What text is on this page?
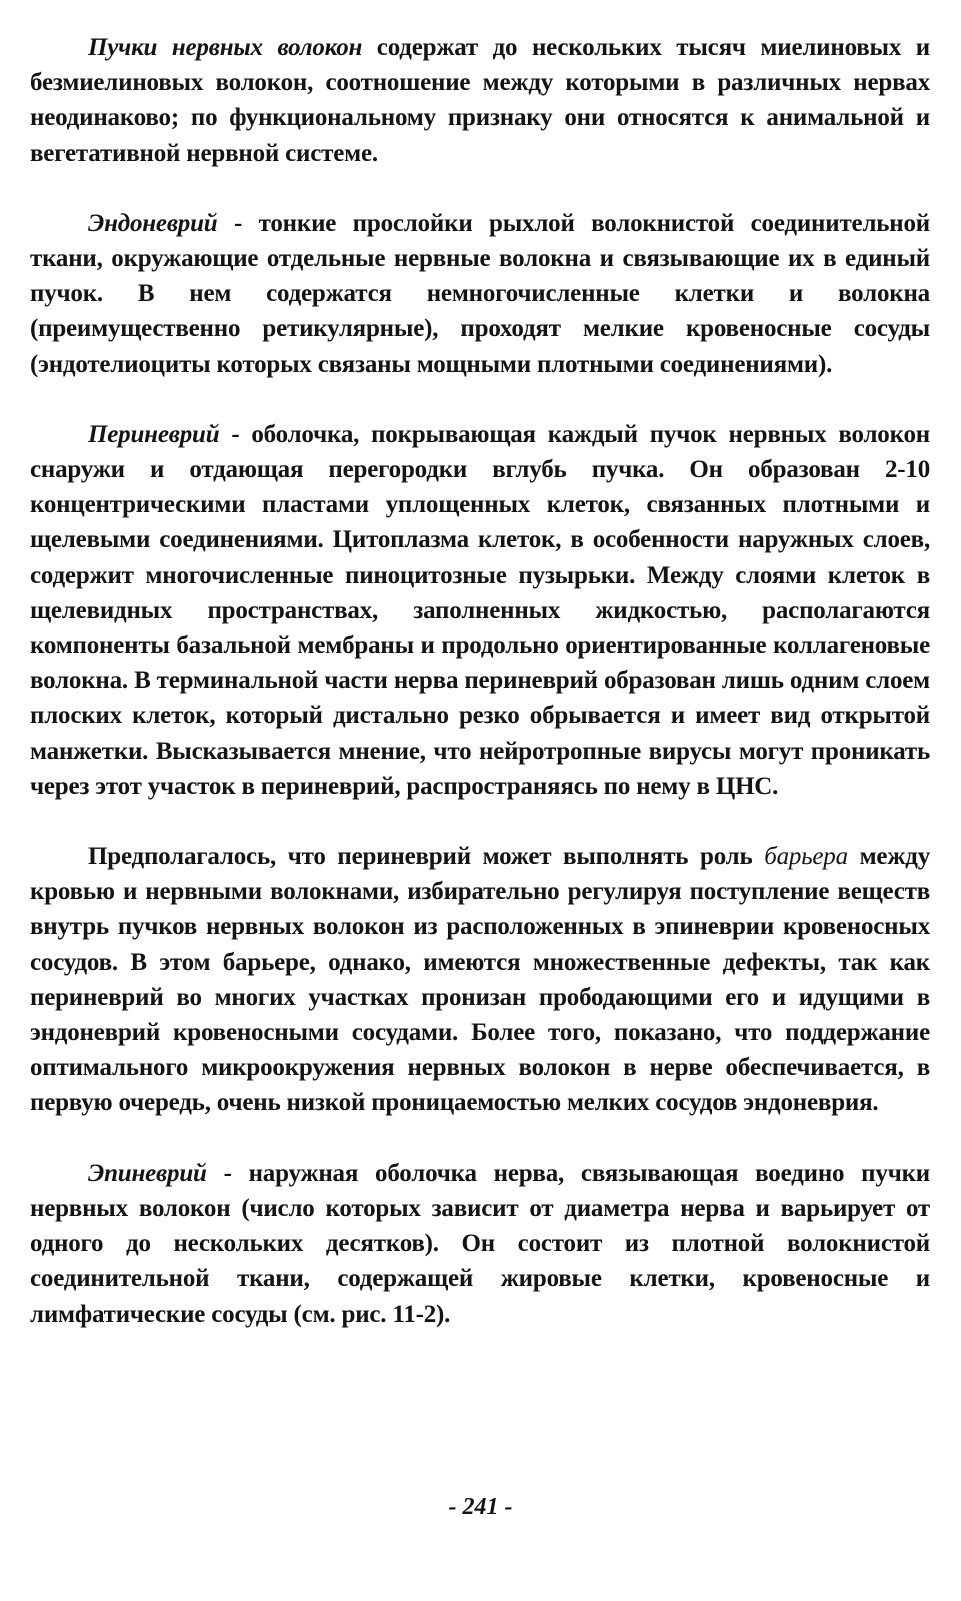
Пучки нервных волокон содержат до нескольких тысяч миелиновых и безмиелиновых волокон, соотношение между которыми в различных нервах неодинаково; по функциональному признаку они относятся к анимальной и вегетативной нервной системе.

Эндоневрий - тонкие прослойки рыхлой волокнистой соединительной ткани, окружающие отдельные нервные волокна и связывающие их в единый пучок. В нем содержатся немногочисленные клетки и волокна (преимущественно ретикулярные), проходят мелкие кровеносные сосуды (эндотелиоциты которых связаны мощными плотными соединениями).

Периневрий - оболочка, покрывающая каждый пучок нервных волокон снаружи и отдающая перегородки вглубь пучка. Он образован 2-10 концентрическими пластами уплощенных клеток, связанных плотными и щелевыми соединениями. Цитоплазма клеток, в особенности наружных слоев, содержит многочисленные пиноцитозные пузырьки. Между слоями клеток в щелевидных пространствах, заполненных жидкостью, располагаются компоненты базальной мембраны и продольно ориентированные коллагеновые волокна. В терминальной части нерва периневрий образован лишь одним слоем плоских клеток, который дистально резко обрывается и имеет вид открытой манжетки. Высказывается мнение, что нейротропные вирусы могут проникать через этот участок в периневрий, распространяясь по нему в ЦНС.

Предполагалось, что периневрий может выполнять роль барьера между кровью и нервными волокнами, избирательно регулируя поступление веществ внутрь пучков нервных волокон из расположенных в эпиневрии кровеносных сосудов. В этом барьере, однако, имеются множественные дефекты, так как периневрий во многих участках пронизан прободающими его и идущими в эндоневрий кровеносными сосудами. Более того, показано, что поддержание оптимального микроокружения нервных волокон в нерве обеспечивается, в первую очередь, очень низкой проницаемостью мелких сосудов эндоневрия.

Эпиневрий - наружная оболочка нерва, связывающая воедино пучки нервных волокон (число которых зависит от диаметра нерва и варьирует от одного до нескольких десятков). Он состоит из плотной волокнистой соединительной ткани, содержащей жировые клетки, кровеносные и лимфатические сосуды (см. рис. 11-2).

- 241 -
